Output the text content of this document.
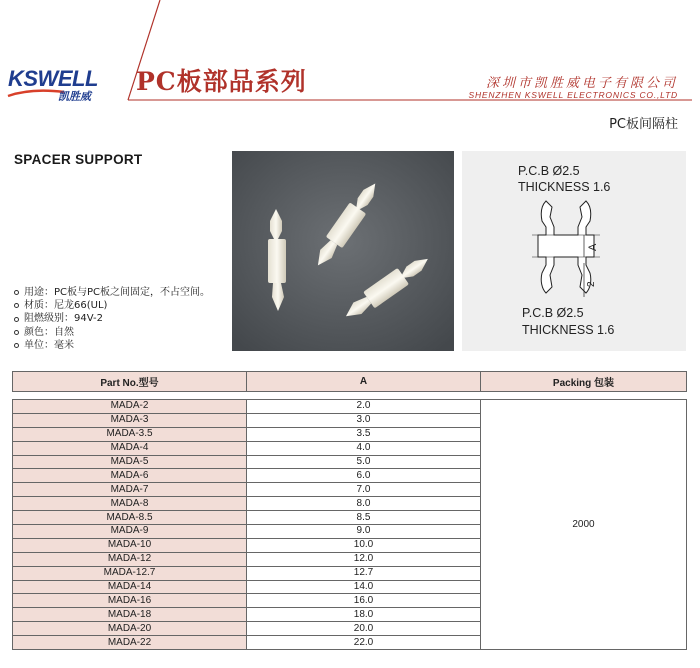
KSWELL
凯胜威
PC板部品系列	深圳市凯胜威电子有限公司
SHENZHEN KSWELL ELECTRONICS CO.,LTD
PC板间隔柱
SPACER SUPPORT
用途：PC板与PC板之间固定，不占空间。
材质：尼龙66(UL)
阻燃级别：94V-2
颜色：自然
单位：毫米
P.C.B Ø2.5
THICKNESS 1.6
A
2
P.C.B Ø2.5
THICKNESS 1.6
Part No.型号	A	Packing 包装

MADA-2	2.0	2000
MADA-3	3.0	
MADA-3.5	3.5	
MADA-4	4.0	
MADA-5	5.0	
MADA-6	6.0	
MADA-7	7.0	
MADA-8	8.0	
MADA-8.5	8.5	
MADA-9	9.0	
MADA-10	10.0	
MADA-12	12.0	
MADA-12.7	12.7	
MADA-14	14.0	
MADA-16	16.0	
MADA-18	18.0	
MADA-20	20.0	
MADA-22	22.0	
